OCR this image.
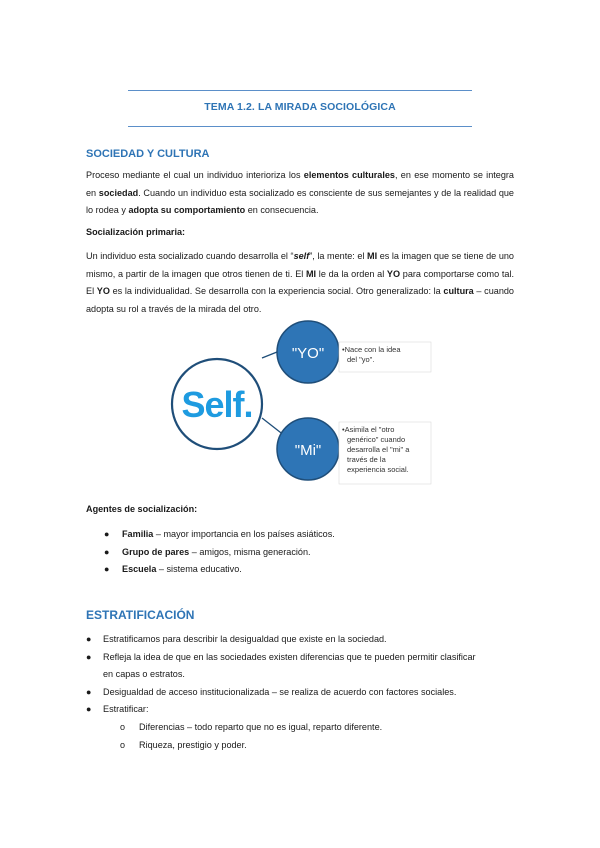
TEMA 1.2. LA MIRADA SOCIOLÓGICA
SOCIEDAD Y CULTURA
Proceso mediante el cual un individuo interioriza los elementos culturales, en ese momento se integra en sociedad. Cuando un individuo esta socializado es consciente de sus semejantes y de la realidad que lo rodea y adopta su comportamiento en consecuencia.
Socialización primaria:
Un individuo esta socializado cuando desarrolla el “self”, la mente: el MI es la imagen que se tiene de uno mismo, a partir de la imagen que otros tienen de ti. El MI le da la orden al YO para comportarse como tal. El YO es la individualidad. Se desarrolla con la experiencia social. Otro generalizado: la cultura – cuando adopta su rol a través de la mirada del otro.
Self.
"YO"
"Mi"
•Nace con la idea
del "yo".
•Asimila el "otro
genérico" cuando
desarrolla el "mi" a
través de la
experiencia social.
Agentes de socialización:
● Familia – mayor importancia en los países asiáticos.
● Grupo de pares – amigos, misma generación.
● Escuela – sistema educativo.
ESTRATIFICACIÓN
● Estratificamos para describir la desigualdad que existe en la sociedad.
● Refleja la idea de que en las sociedades existen diferencias que te pueden permitir clasificar
en capas o estratos.
● Desigualdad de acceso institucionalizada – se realiza de acuerdo con factores sociales.
● Estratificar:
o Diferencias – todo reparto que no es igual, reparto diferente.
o Riqueza, prestigio y poder.
